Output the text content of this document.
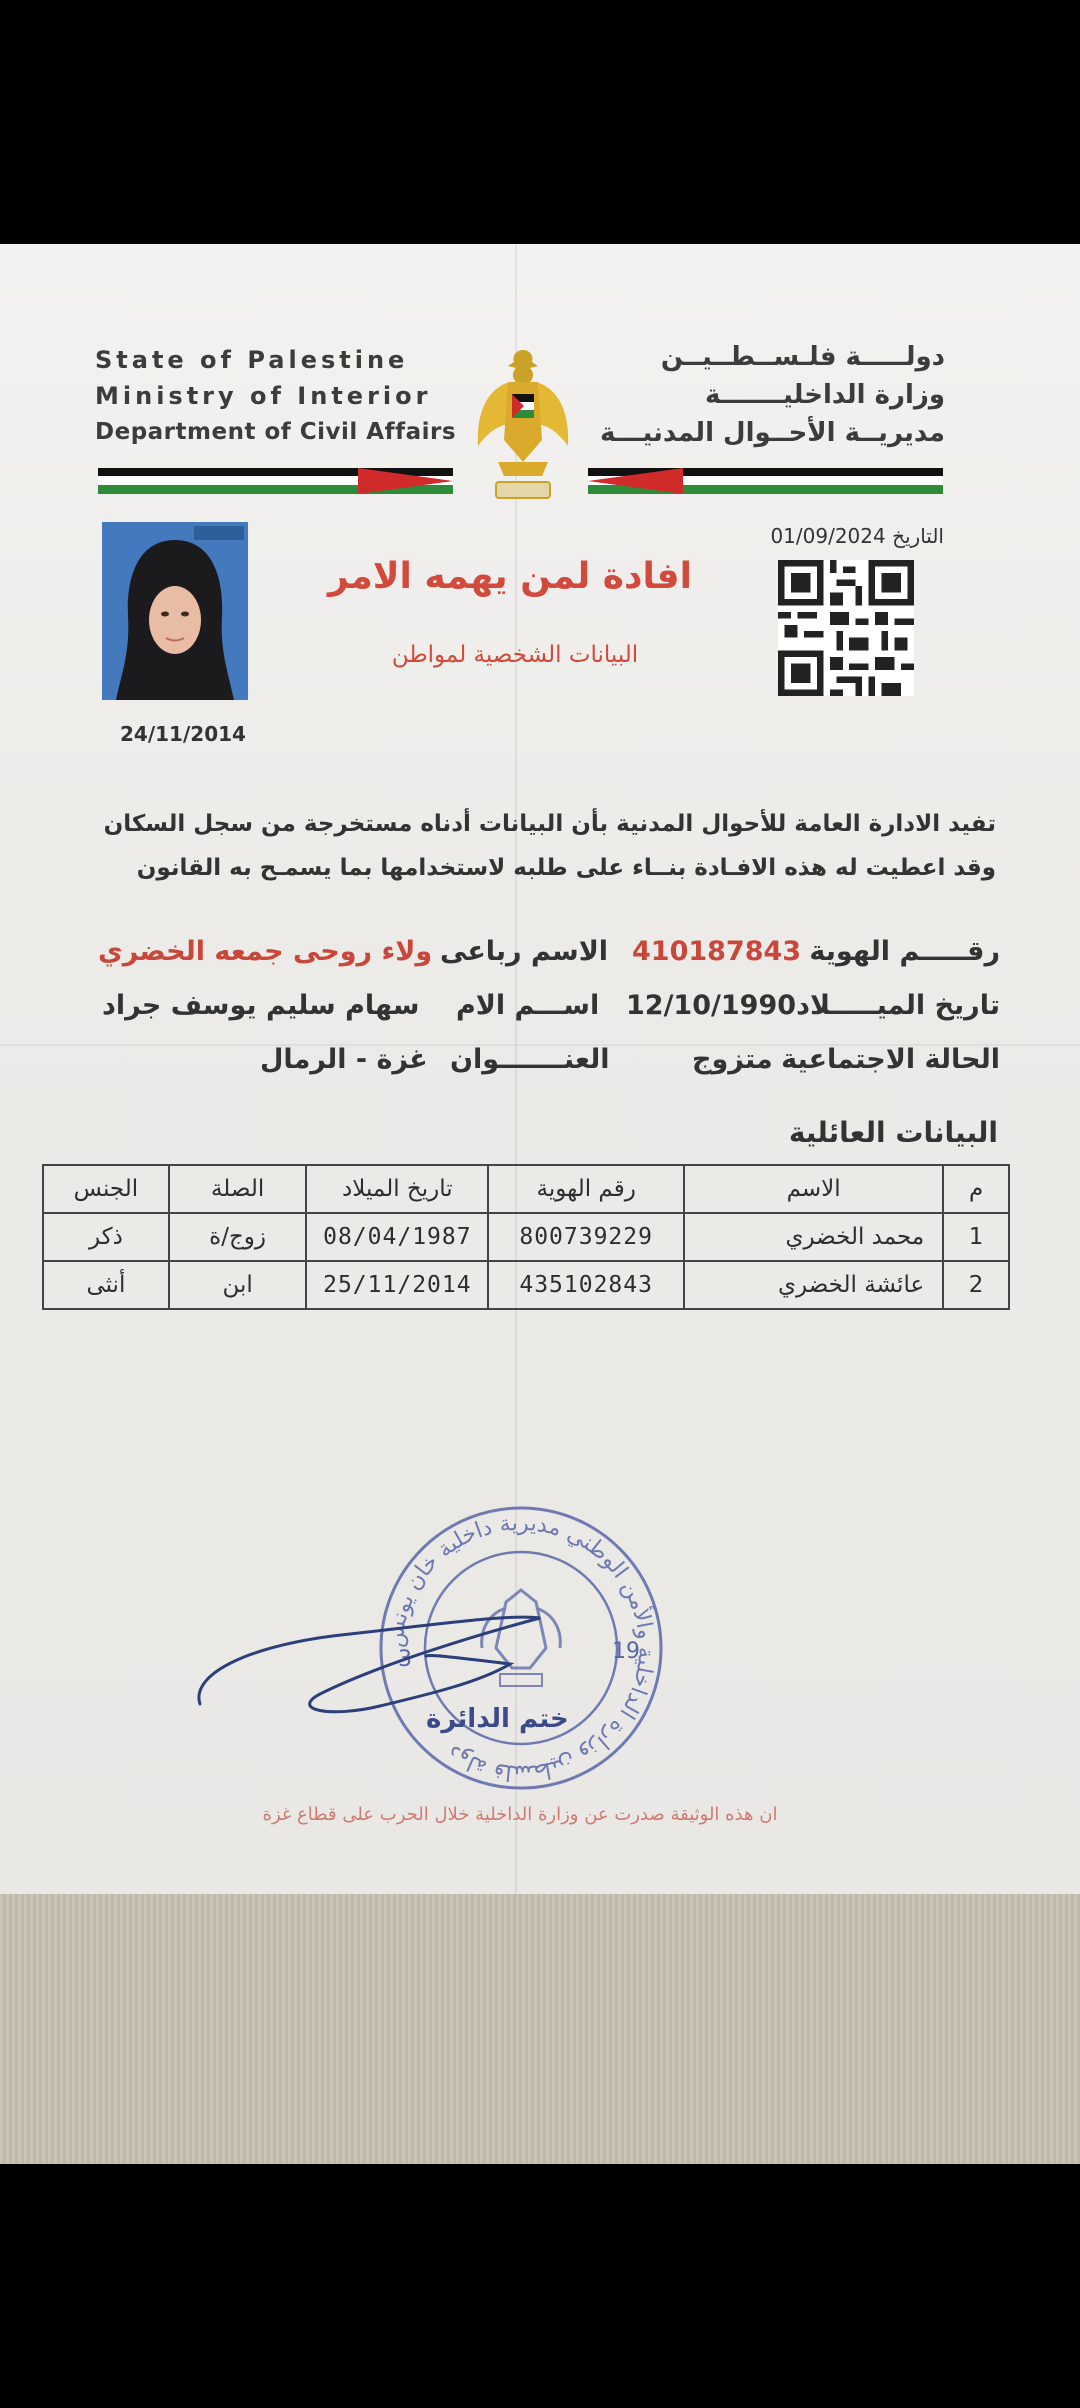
State of Palestine
Ministry of Interior
Department of Civil Affairs
دولـــــة فلـســطــيــن
وزارة الداخليـــــــة
مديريــة الأحــوال المدنيـــة
التاريخ 01/09/2024
24/11/2014
افادة لمن يهمه الامر
البيانات الشخصية لمواطن
تفيد الادارة العامة للأحوال المدنية بأن البيانات أدناه مستخرجة من سجل السكان
وقد اعطيت له هذه الافـادة بنــاء على طلبه لاستخدامها بما يسمـح به القانون
رقـــــم الهوية
410187843
الاسم رباعى
ولاء روحى جمعه الخضري
تاريخ الميـــــلاد
12/10/1990
اســـم الام
سهام سليم يوسف جراد
الحالة الاجتماعية
متزوج
العنـــــــوان
غزة - الرمال
البيانات العائلية
م	الاسم	رقم الهوية	تاريخ الميلاد	الصلة	الجنس
1	محمد الخضري	800739229	08/04/1987	زوج/ة	ذكر
2	عائشة الخضري	435102843	25/11/2014	ابن	أنثى
دولة فلسطين وزارة الداخلية والأمن الوطني مديرية داخلية خان يونس
3	19
ختم الدائرة
ان هذه الوثيقة صدرت عن وزارة الداخلية خلال الحرب على قطاع غزة
